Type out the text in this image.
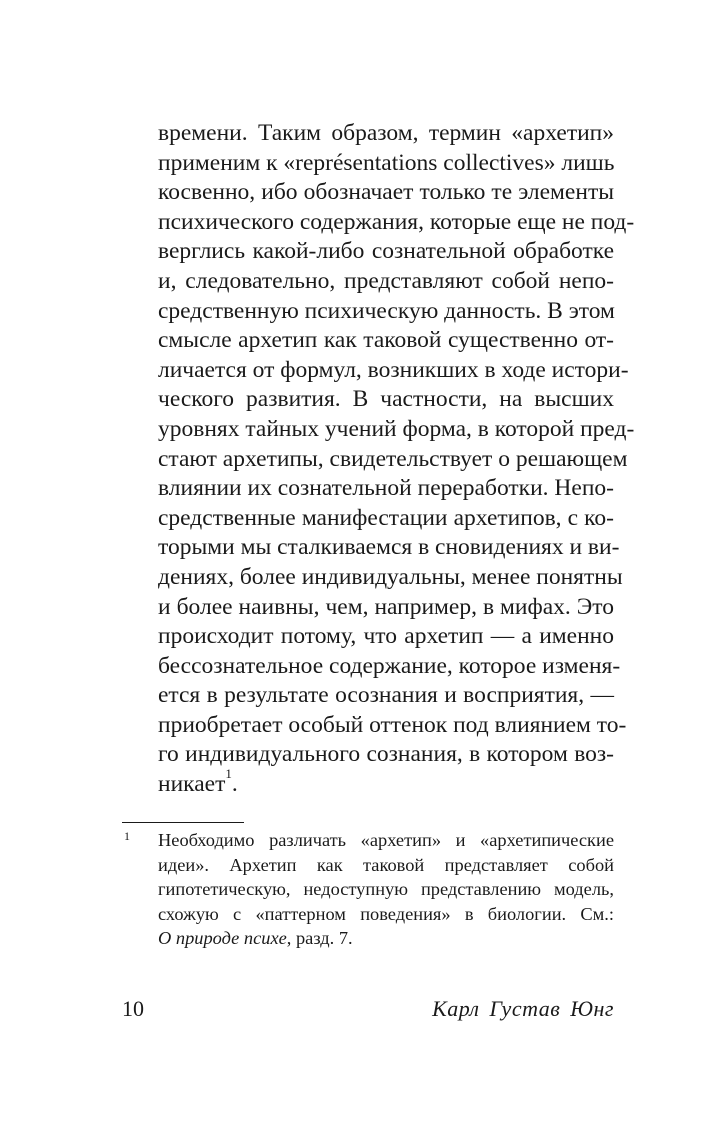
времени. Таким образом, термин «архетип»
применим к «représentations collectives» лишь
косвенно, ибо обозначает только те элементы
психического содержания, которые еще не под-
верглись какой-либо сознательной обработке
и, следовательно, представляют собой непо-
средственную психическую данность. В этом
смысле архетип как таковой существенно от-
личается от формул, возникших в ходе истори-
ческого развития. В частности, на высших
уровнях тайных учений форма, в которой пред-
стают архетипы, свидетельствует о решающем
влиянии их сознательной переработки. Непо-
средственные манифестации архетипов, с ко-
торыми мы сталкиваемся в сновидениях и ви-
дениях, более индивидуальны, менее понятны
и более наивны, чем, например, в мифах. Это
происходит потому, что архетип — а именно
бессознательное содержание, которое изменя-
ется в результате осознания и восприятия, —
приобретает особый оттенок под влиянием то-
го индивидуального сознания, в котором воз-
никает$^1$.
1 Необходимо различать «архетип» и «архетипические
идеи». Архетип как таковой представляет собой
гипотетическую, недоступную представлению модель,
схожую с «паттерном поведения» в биологии. См.:
О природе психе, разд. 7.
10	Карл Густав Юнг
